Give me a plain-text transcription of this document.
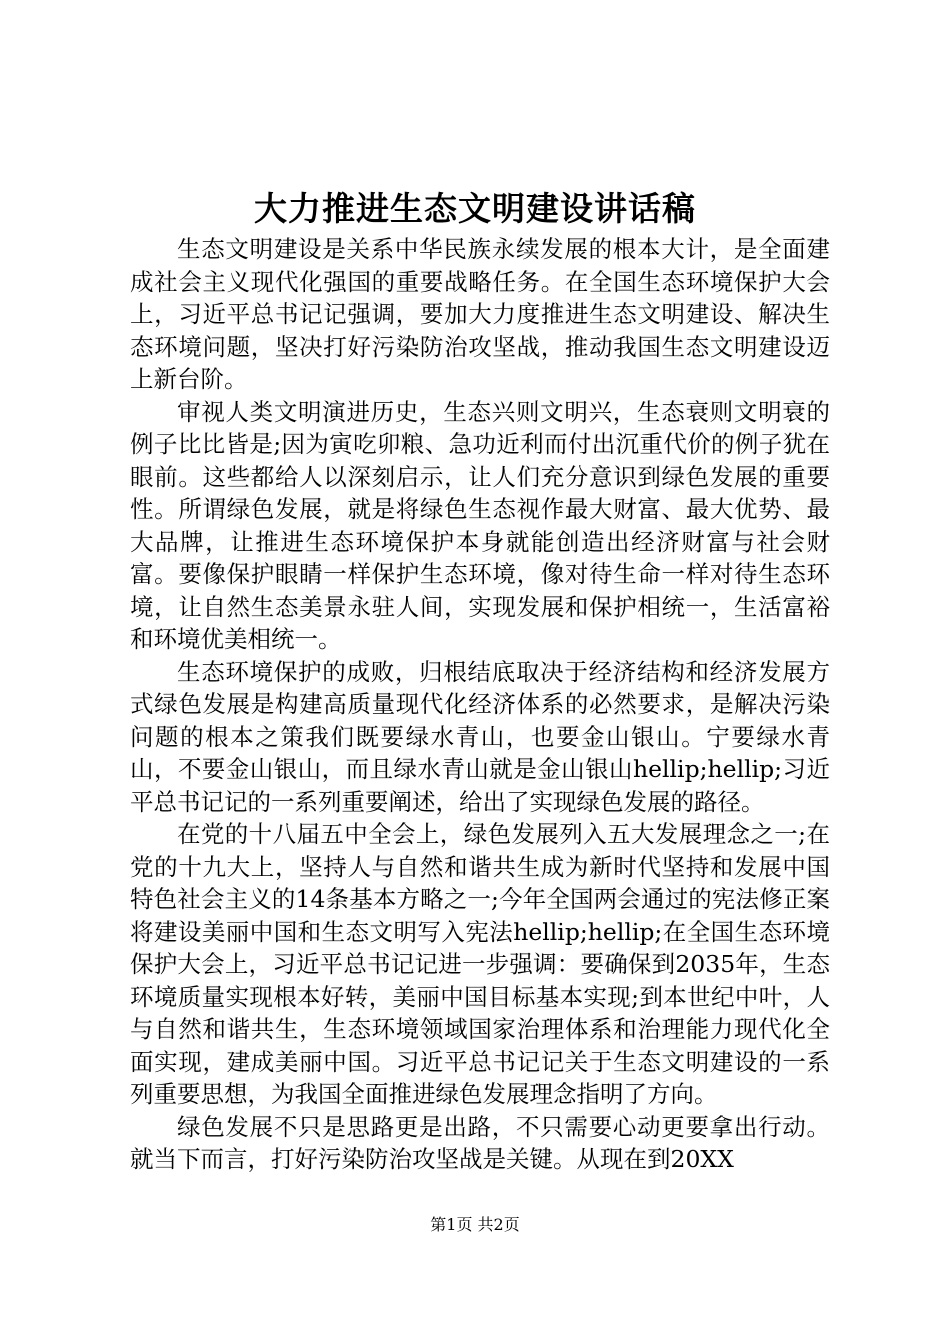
大力推进生态文明建设讲话稿

生态文明建设是关系中华民族永续发展的根本大计，是全面建成社会主义现代化强国的重要战略任务。在全国生态环境保护大会上，习近平总书记记强调，要加大力度推进生态文明建设、解决生态环境问题，坚决打好污染防治攻坚战，推动我国生态文明建设迈上新台阶。

审视人类文明演进历史，生态兴则文明兴，生态衰则文明衰的例子比比皆是;因为寅吃卯粮、急功近利而付出沉重代价的例子犹在眼前。这些都给人以深刻启示，让人们充分意识到绿色发展的重要性。所谓绿色发展，就是将绿色生态视作最大财富、最大优势、最大品牌，让推进生态环境保护本身就能创造出经济财富与社会财富。要像保护眼睛一样保护生态环境，像对待生命一样对待生态环境，让自然生态美景永驻人间，实现发展和保护相统一，生活富裕和环境优美相统一。

生态环境保护的成败，归根结底取决于经济结构和经济发展方式绿色发展是构建高质量现代化经济体系的必然要求，是解决污染问题的根本之策我们既要绿水青山，也要金山银山。宁要绿水青山，不要金山银山，而且绿水青山就是金山银山hellip;hellip;习近平总书记记的一系列重要阐述，给出了实现绿色发展的路径。

在党的十八届五中全会上，绿色发展列入五大发展理念之一;在党的十九大上，坚持人与自然和谐共生成为新时代坚持和发展中国特色社会主义的14条基本方略之一;今年全国两会通过的宪法修正案将建设美丽中国和生态文明写入宪法hellip;hellip;在全国生态环境保护大会上，习近平总书记记进一步强调：要确保到2035年，生态环境质量实现根本好转，美丽中国目标基本实现;到本世纪中叶，人与自然和谐共生，生态环境领域国家治理体系和治理能力现代化全面实现，建成美丽中国。习近平总书记记关于生态文明建设的一系列重要思想，为我国全面推进绿色发展理念指明了方向。

绿色发展不只是思路更是出路，不只需要心动更要拿出行动。就当下而言，打好污染防治攻坚战是关键。从现在到20XX

第1页 共2页
